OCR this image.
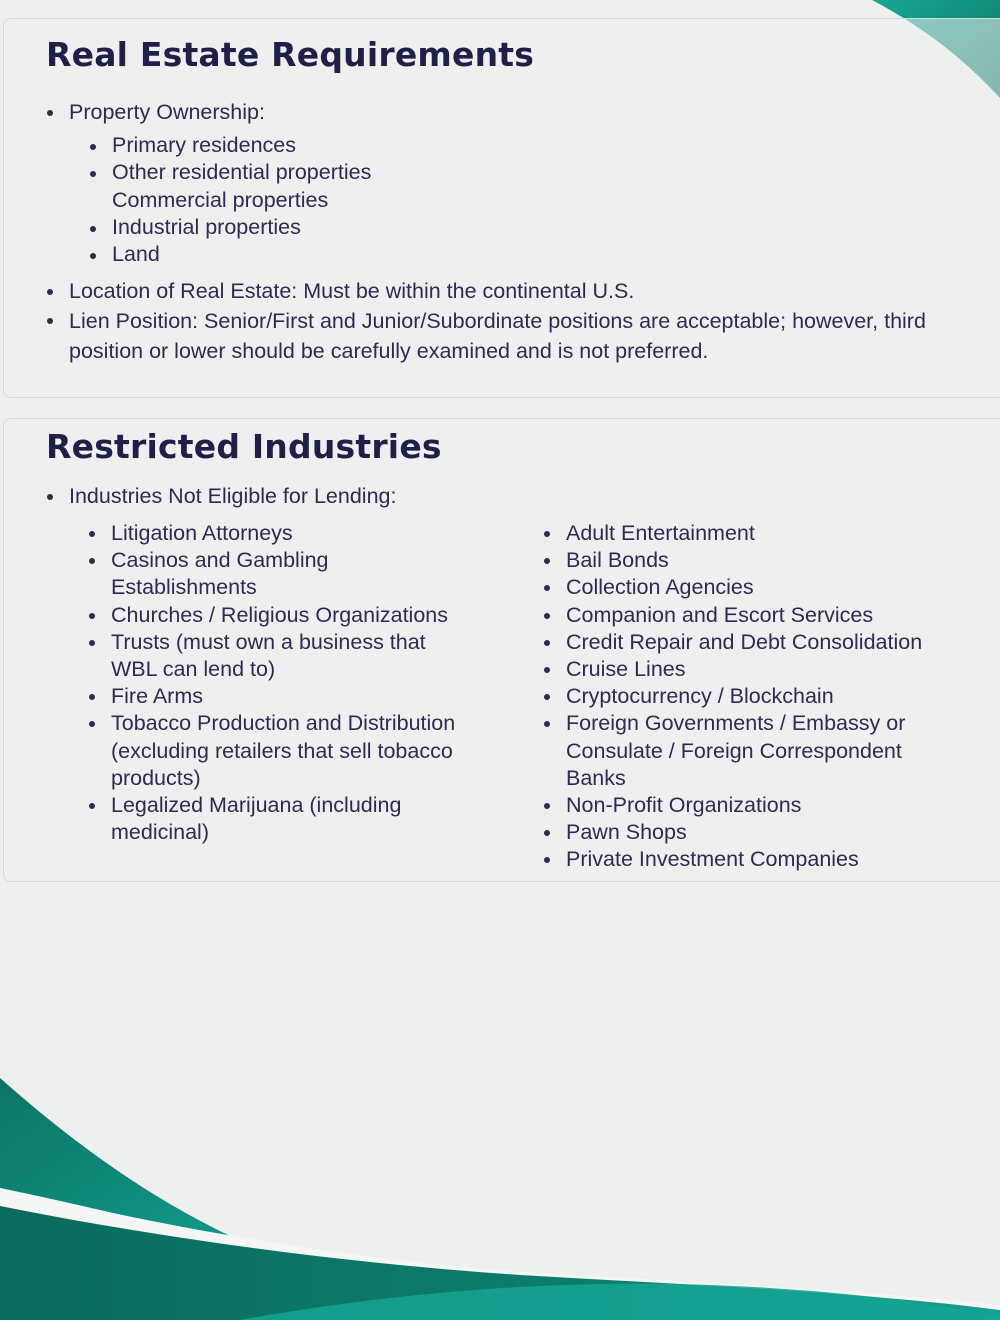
Real Estate Requirements
Property Ownership:
Primary residences
Other residential properties
Commercial properties
Industrial properties
Land
Location of Real Estate: Must be within the continental U.S.
Lien Position: Senior/First and Junior/Subordinate positions are acceptable; however, third position or lower should be carefully examined and is not preferred.
Restricted Industries
Industries Not Eligible for Lending:
Litigation Attorneys
Casinos and Gambling Establishments
Churches / Religious Organizations
Trusts (must own a business that WBL can lend to)
Fire Arms
Tobacco Production and Distribution (excluding retailers that sell tobacco products)
Legalized Marijuana (including medicinal)
Adult Entertainment
Bail Bonds
Collection Agencies
Companion and Escort Services
Credit Repair and Debt Consolidation
Cruise Lines
Cryptocurrency / Blockchain
Foreign Governments / Embassy or Consulate / Foreign Correspondent Banks
Non-Profit Organizations
Pawn Shops
Private Investment Companies
